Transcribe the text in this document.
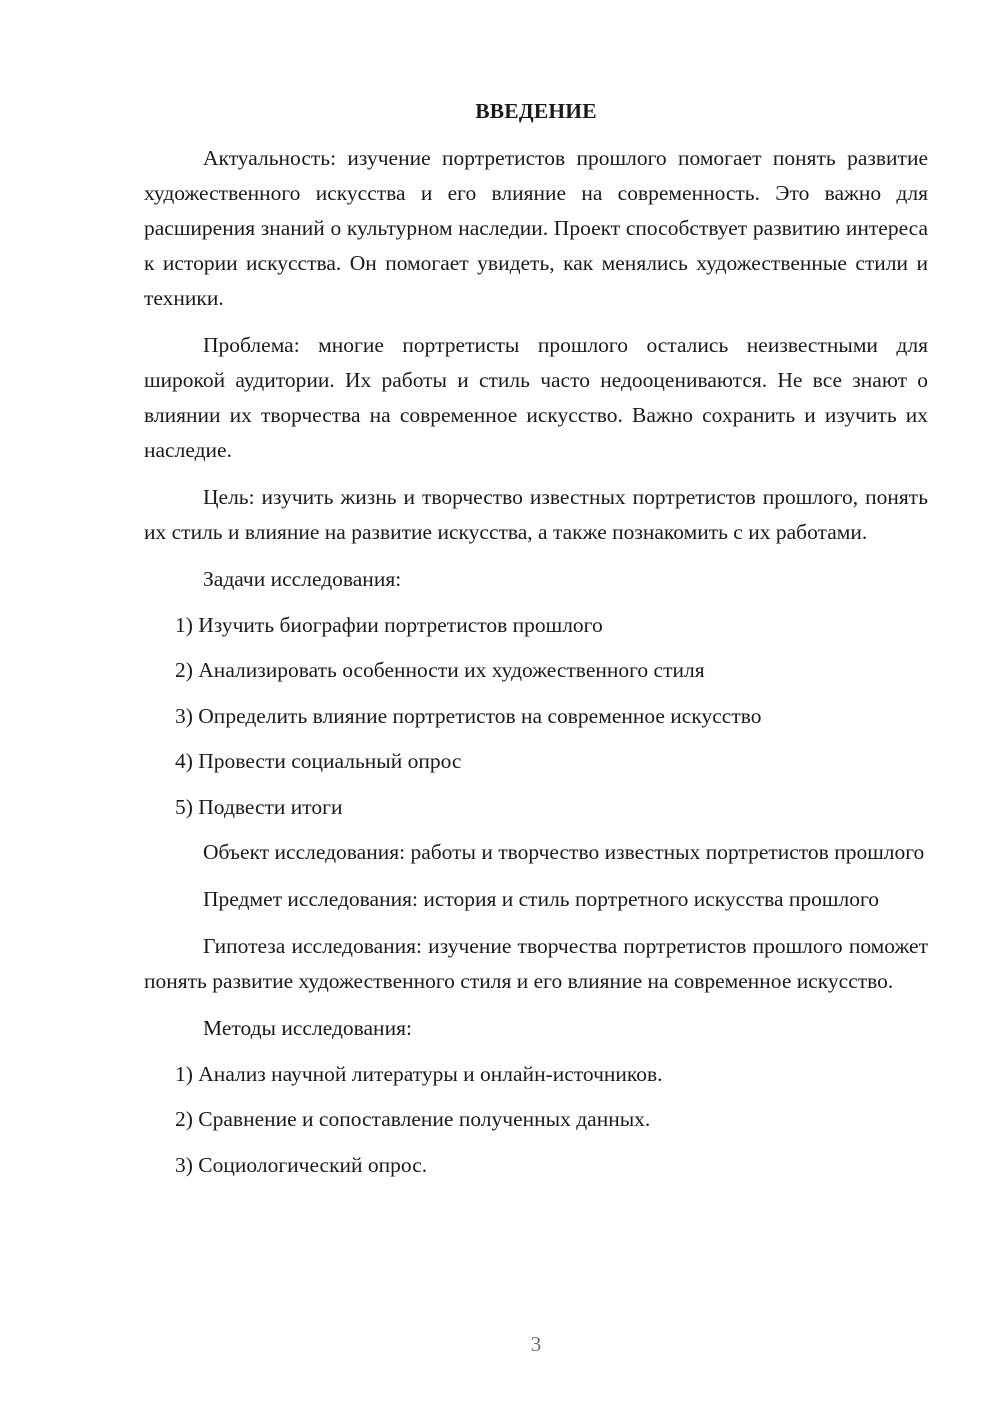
ВВЕДЕНИЕ

Актуальность: изучение портретистов прошлого помогает понять развитие художественного искусства и его влияние на современность. Это важно для расширения знаний о культурном наследии. Проект способствует развитию интереса к истории искусства. Он помогает увидеть, как менялись художественные стили и техники.

Проблема: многие портретисты прошлого остались неизвестными для широкой аудитории. Их работы и стиль часто недооцениваются. Не все знают о влиянии их творчества на современное искусство. Важно сохранить и изучить их наследие.

Цель: изучить жизнь и творчество известных портретистов прошлого, понять их стиль и влияние на развитие искусства, а также познакомить с их работами.

Задачи исследования:

1) Изучить биографии портретистов прошлого

2) Анализировать особенности их художественного стиля

3) Определить влияние портретистов на современное искусство

4) Провести социальный опрос

5) Подвести итоги

Объект исследования: работы и творчество известных портретистов прошлого

Предмет исследования: история и стиль портретного искусства прошлого

Гипотеза исследования: изучение творчества портретистов прошлого поможет понять развитие художественного стиля и его влияние на современное искусство.

Методы исследования:

1) Анализ научной литературы и онлайн-источников.

2) Сравнение и сопоставление полученных данных.

3) Социологический опрос.

3
